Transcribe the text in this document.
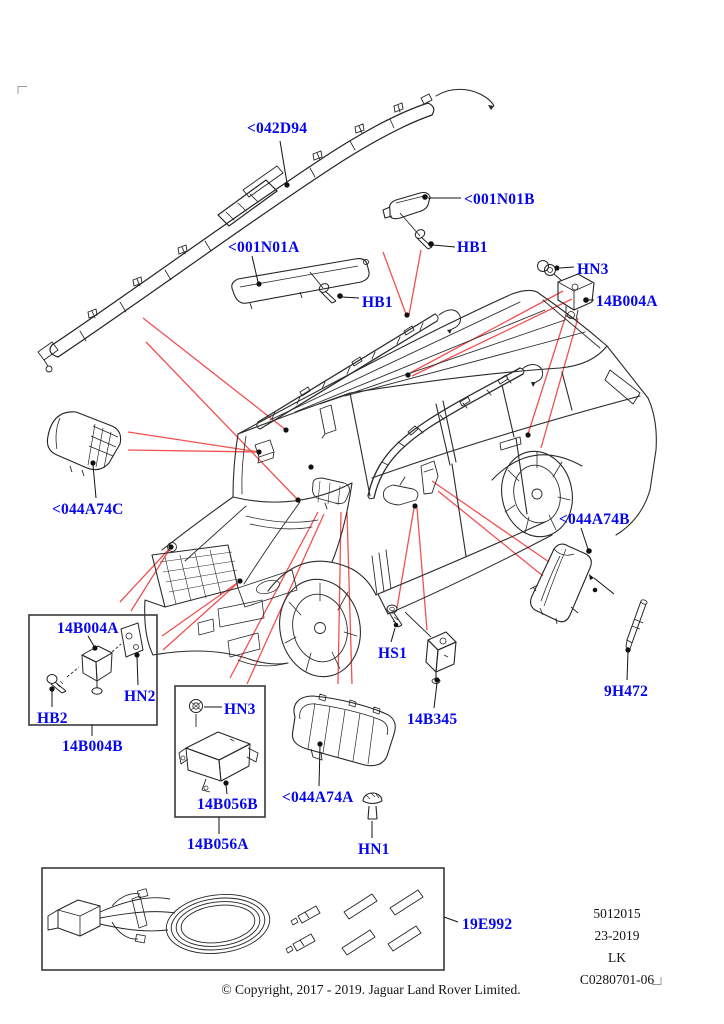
<042D94
<001N01B
HB1
<001N01A
HB1
HN3
14B004A
<044A74C
<044A74B
14B004A
HN2
HB2
14B004B
HN3
14B056B
14B056A
HS1
14B345
<044A74A
HN1
9H472
19E992
5012015
23-2019
LK
C0280701-06
© Copyright, 2017 - 2019. Jaguar Land Rover Limited.
